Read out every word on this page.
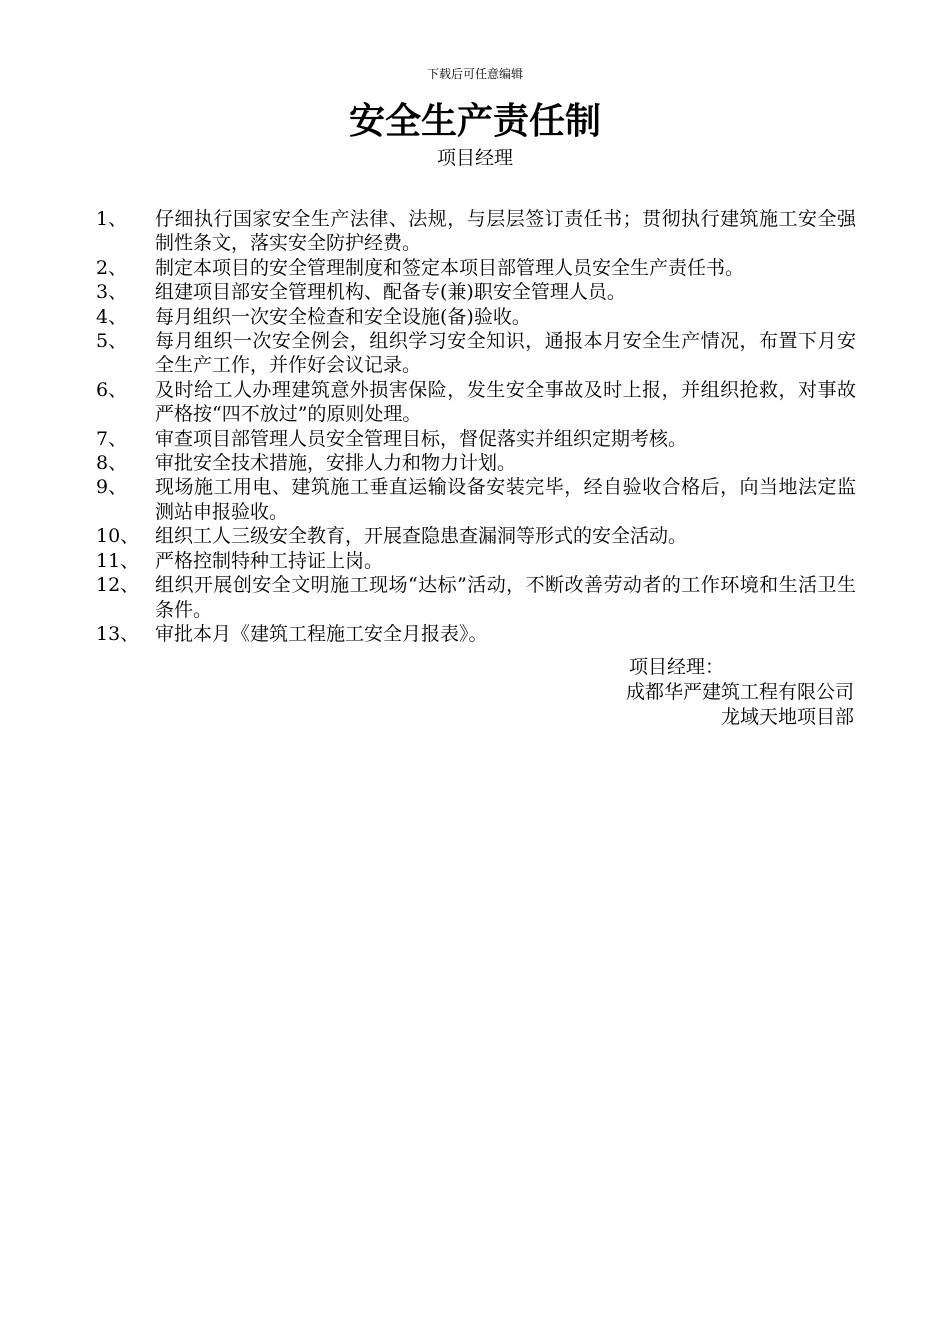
下载后可任意编辑
安全生产责任制
项目经理
1、	仔细执行国家安全生产法律、法规，与层层签订责任书；贯彻执行建筑施工安全强制性条文，落实安全防护经费。
2、	制定本项目的安全管理制度和签定本项目部管理人员安全生产责任书。
3、	组建项目部安全管理机构、配备专(兼)职安全管理人员。
4、	每月组织一次安全检查和安全设施(备)验收。
5、	每月组织一次安全例会，组织学习安全知识，通报本月安全生产情况，布置下月安全生产工作，并作好会议记录。
6、	及时给工人办理建筑意外损害保险，发生安全事故及时上报，并组织抢救，对事故严格按“四不放过”的原则处理。
7、	审查项目部管理人员安全管理目标，督促落实并组织定期考核。
8、	审批安全技术措施，安排人力和物力计划。
9、	现场施工用电、建筑施工垂直运输设备安装完毕，经自验收合格后，向当地法定监测站申报验收。
10、 组织工人三级安全教育，开展查隐患查漏洞等形式的安全活动。
11、 严格控制特种工持证上岗。
12、 组织开展创安全文明施工现场“达标”活动，不断改善劳动者的工作环境和生活卫生条件。
13、 审批本月《建筑工程施工安全月报表》。
项目经理：
成都华严建筑工程有限公司
龙域天地项目部
